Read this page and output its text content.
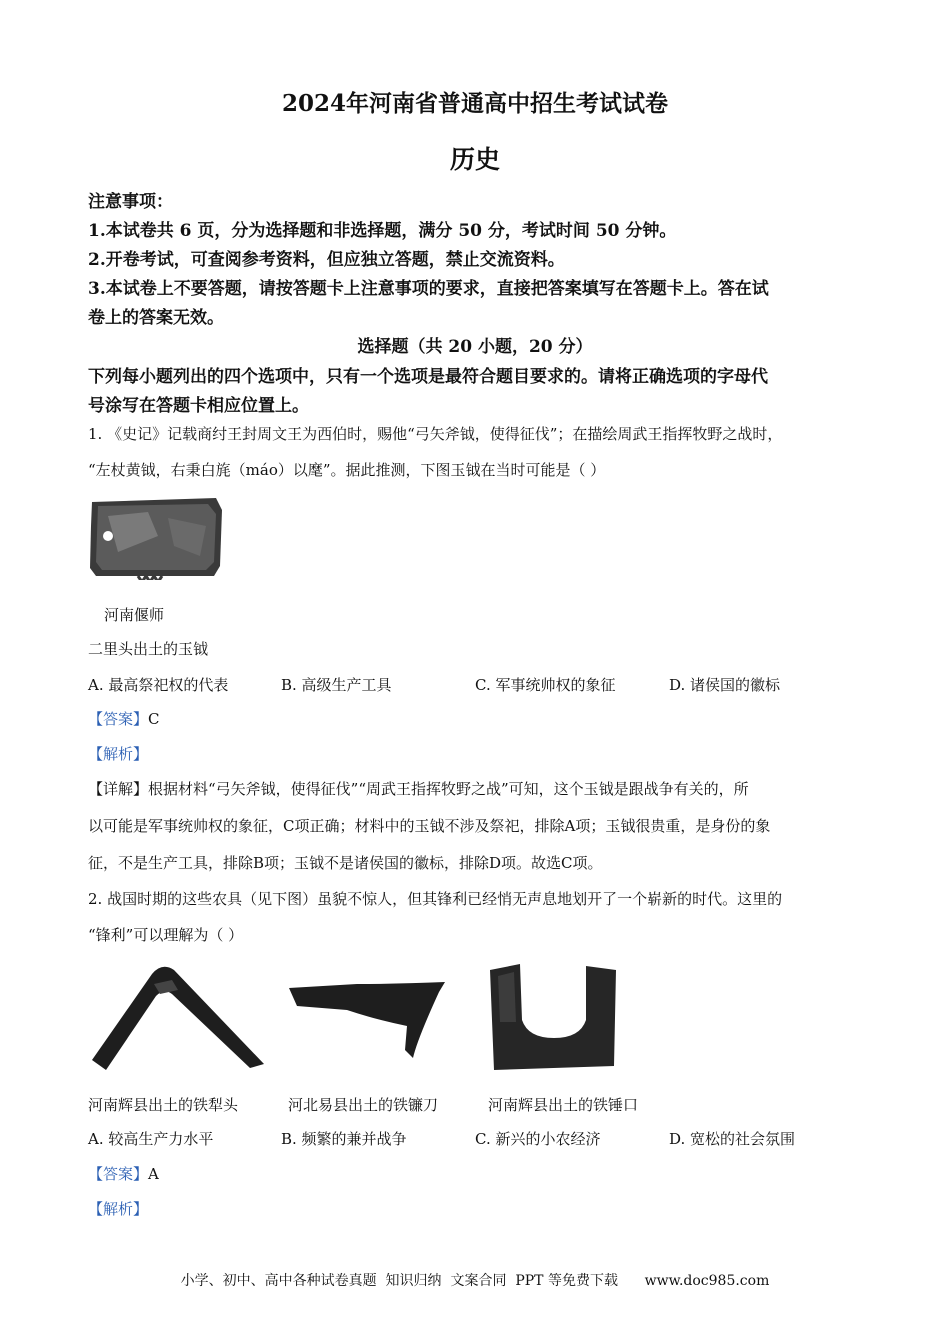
2024年河南省普通高中招生考试试卷
历史
注意事项：
1.本试卷共 6 页，分为选择题和非选择题，满分 50 分，考试时间 50 分钟。
2.开卷考试，可查阅参考资料，但应独立答题，禁止交流资料。
3.本试卷上不要答题，请按答题卡上注意事项的要求，直接把答案填写在答题卡上。答在试
卷上的答案无效。
选择题（共 20 小题，20 分）
下列每小题列出的四个选项中，只有一个选项是最符合题目要求的。请将正确选项的字母代
号涂写在答题卡相应位置上。
1. 《史记》记载商纣王封周文王为西伯时，赐他“弓矢斧钺，使得征伐”；在描绘周武王指挥牧野之战时，
“左杖黄钺，右秉白旄（máo）以麾”。据此推测，下图玉钺在当时可能是（ ）
河南偃师
二里头出土的玉钺
A. 最高祭祀权的代表	B. 高级生产工具	C. 军事统帅权的象征	D. 诸侯国的徽标
【答案】C
【解析】
【详解】根据材料“弓矢斧钺，使得征伐”“周武王指挥牧野之战”可知，这个玉钺是跟战争有关的，所
以可能是军事统帅权的象征，C项正确；材料中的玉钺不涉及祭祀，排除A项；玉钺很贵重，是身份的象
征，不是生产工具，排除B项；玉钺不是诸侯国的徽标，排除D项。故选C项。
2. 战国时期的这些农具（见下图）虽貌不惊人，但其锋利已经悄无声息地划开了一个崭新的时代。这里的
“锋利”可以理解为（ ）
河南辉县出土的铁犁头	河北易县出土的铁镰刀	河南辉县出土的铁锤口
A. 较高生产力水平	B. 频繁的兼并战争	C. 新兴的小农经济	D. 宽松的社会氛围
【答案】A
【解析】
小学、初中、高中各种试卷真题  知识归纳  文案合同  PPT 等免费下载      www.doc985.com
